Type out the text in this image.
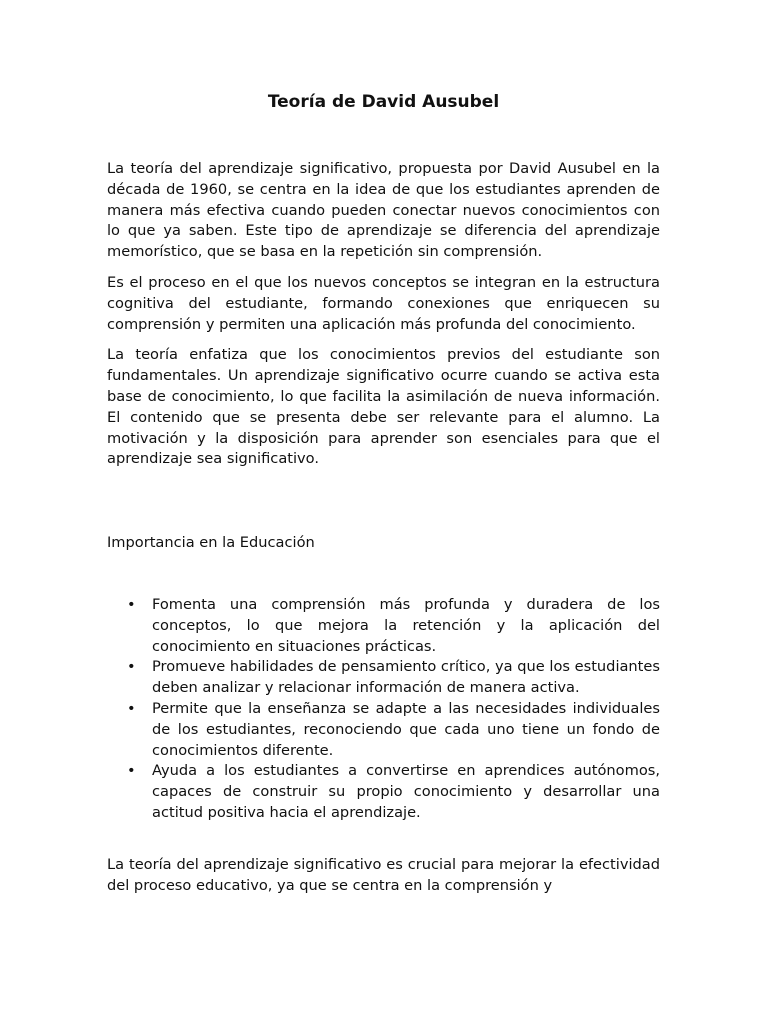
Teoría de David Ausubel

La teoría del aprendizaje significativo, propuesta por David Ausubel en la década de 1960, se centra en la idea de que los estudiantes aprenden de manera más efectiva cuando pueden conectar nuevos conocimientos con lo que ya saben. Este tipo de aprendizaje se diferencia del aprendizaje memorístico, que se basa en la repetición sin comprensión.

Es el proceso en el que los nuevos conceptos se integran en la estructura cognitiva del estudiante, formando conexiones que enriquecen su comprensión y permiten una aplicación más profunda del conocimiento.

La teoría enfatiza que los conocimientos previos del estudiante son fundamentales. Un aprendizaje significativo ocurre cuando se activa esta base de conocimiento, lo que facilita la asimilación de nueva información. El contenido que se presenta debe ser relevante para el alumno. La motivación y la disposición para aprender son esenciales para que el aprendizaje sea significativo.

Importancia en la Educación
• Fomenta una comprensión más profunda y duradera de los conceptos, lo que mejora la retención y la aplicación del conocimiento en situaciones prácticas.
• Promueve habilidades de pensamiento crítico, ya que los estudiantes deben analizar y relacionar información de manera activa.
• Permite que la enseñanza se adapte a las necesidades individuales de los estudiantes, reconociendo que cada uno tiene un fondo de conocimientos diferente.
• Ayuda a los estudiantes a convertirse en aprendices autónomos, capaces de construir su propio conocimiento y desarrollar una actitud positiva hacia el aprendizaje.

La teoría del aprendizaje significativo es crucial para mejorar la efectividad del proceso educativo, ya que se centra en la comprensión y
